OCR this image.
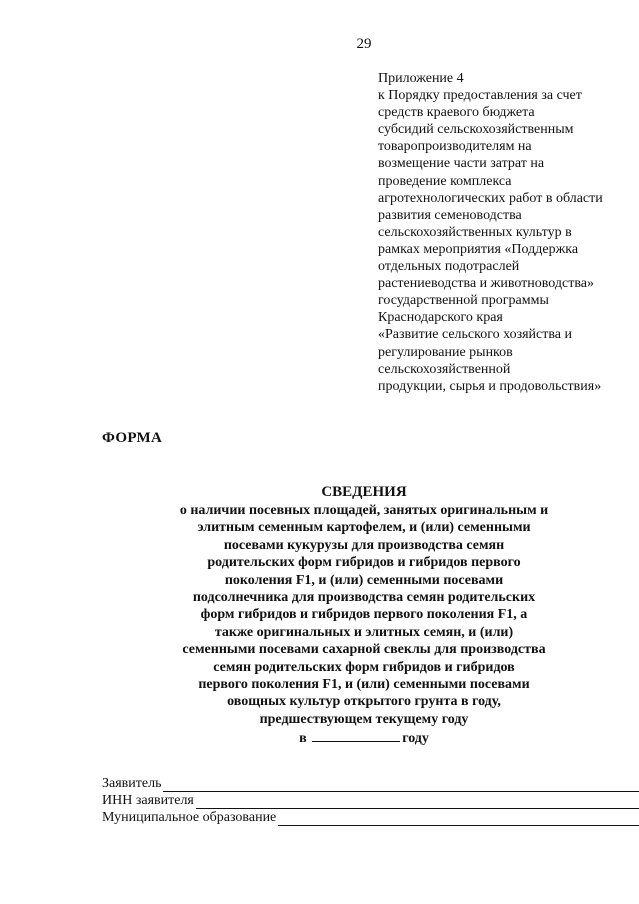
29
Приложение 4
к Порядку предоставления за счет
средств краевого бюджета
субсидий сельскохозяйственным
товаропроизводителям на
возмещение части затрат на
проведение комплекса
агротехнологических работ в области
развития семеноводства
сельскохозяйственных культур в
рамках мероприятия «Поддержка
отдельных подотраслей
растениеводства и животноводства»
государственной программы
Краснодарского края
«Развитие сельского хозяйства и
регулирование рынков
сельскохозяйственной
продукции, сырья и продовольствия»
ФОРМА
СВЕДЕНИЯ
о наличии посевных площадей, занятых оригинальным и
элитным семенным картофелем, и (или) семенными
посевами кукурузы для производства семян
родительских форм гибридов и гибридов первого
поколения F1, и (или) семенными посевами
подсолнечника для производства семян родительских
форм гибридов и гибридов первого поколения F1, а
также оригинальных и элитных семян, и (или)
семенными посевами сахарной свеклы для производства
семян родительских форм гибридов и гибридов
первого поколения F1, и (или) семенными посевами
овощных культур открытого грунта в году,
предшествующем текущему году
в	году
Заявитель
ИНН заявителя
Муниципальное образование
